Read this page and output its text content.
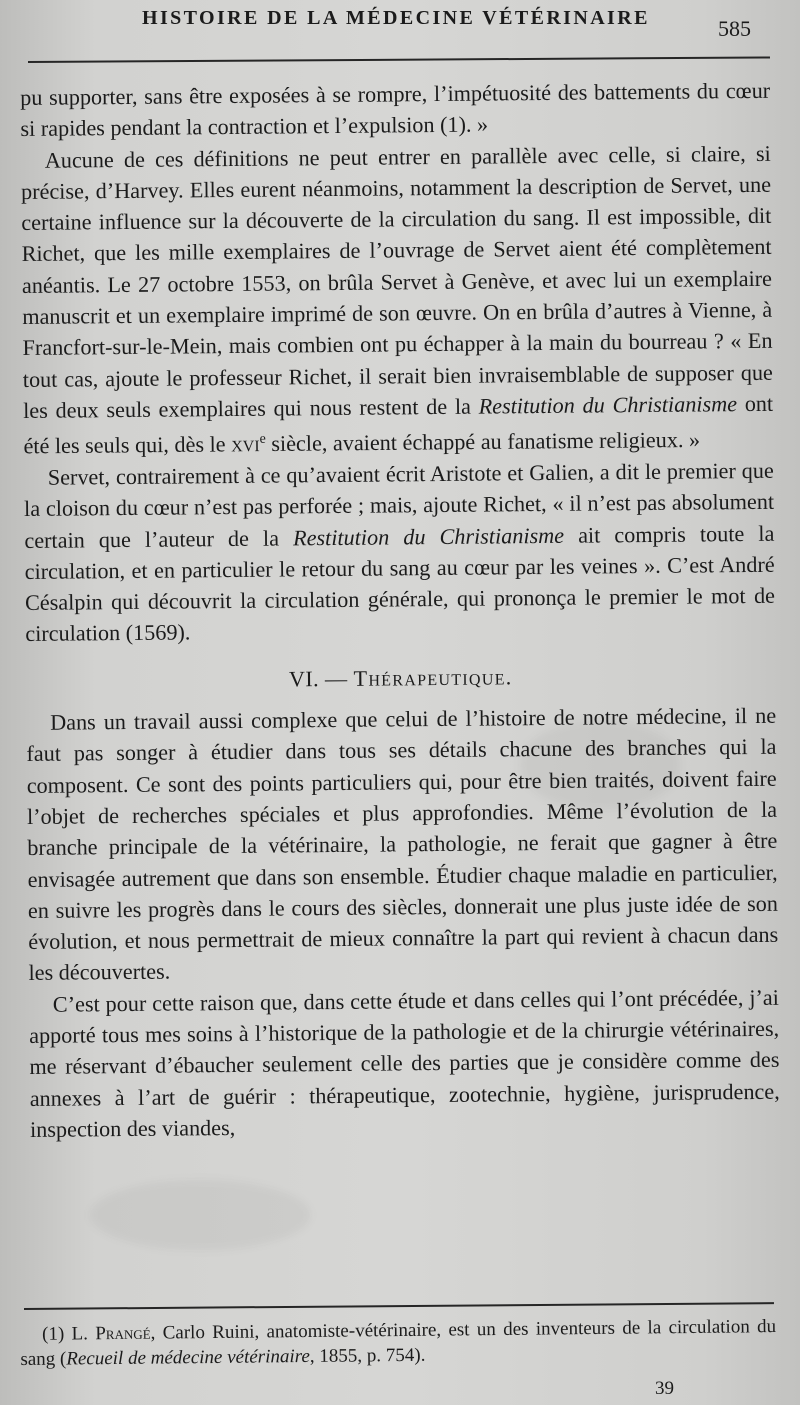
HISTOIRE DE LA MÉDECINE VÉTÉRINAIRE	585

pu supporter, sans être exposées à se rompre, l’impétuosité des battements du cœur si rapides pendant la contraction et l’expulsion (1). »

Aucune de ces définitions ne peut entrer en parallèle avec celle, si claire, si précise, d’Harvey. Elles eurent néanmoins, notamment la description de Servet, une certaine influence sur la découverte de la circulation du sang. Il est impossible, dit Richet, que les mille exemplaires de l’ouvrage de Servet aient été complètement anéantis. Le 27 octobre 1553, on brûla Servet à Genève, et avec lui un exemplaire manuscrit et un exemplaire imprimé de son œuvre. On en brûla d’autres à Vienne, à Francfort-sur-le-Mein, mais combien ont pu échapper à la main du bourreau ? « En tout cas, ajoute le professeur Richet, il serait bien invraisemblable de supposer que les deux seuls exemplaires qui nous restent de la Restitution du Christianisme ont été les seuls qui, dès le xvi$^e$ siècle, avaient échappé au fanatisme religieux. »

Servet, contrairement à ce qu’avaient écrit Aristote et Galien, a dit le premier que la cloison du cœur n’est pas perforée ; mais, ajoute Richet, « il n’est pas absolument certain que l’auteur de la Restitution du Christianisme ait compris toute la circulation, et en particulier le retour du sang au cœur par les veines ». C’est André Césalpin qui découvrit la circulation générale, qui prononça le premier le mot de circulation (1569).

VI. — Thérapeutique.

Dans un travail aussi complexe que celui de l’histoire de notre médecine, il ne faut pas songer à étudier dans tous ses détails chacune des branches qui la composent. Ce sont des points particuliers qui, pour être bien traités, doivent faire l’objet de recherches spéciales et plus approfondies. Même l’évolution de la branche principale de la vétérinaire, la pathologie, ne ferait que gagner à être envisagée autrement que dans son ensemble. Étudier chaque maladie en particulier, en suivre les progrès dans le cours des siècles, donnerait une plus juste idée de son évolution, et nous permettrait de mieux connaître la part qui revient à chacun dans les découvertes.

C’est pour cette raison que, dans cette étude et dans celles qui l’ont précédée, j’ai apporté tous mes soins à l’historique de la pathologie et de la chirurgie vétérinaires, me réservant d’ébaucher seulement celle des parties que je considère comme des annexes à l’art de guérir : thérapeutique, zootechnie, hygiène, jurisprudence, inspection des viandes,

(1) L. Prangé, Carlo Ruini, anatomiste-vétérinaire, est un des inventeurs de la circulation du sang (Recueil de médecine vétérinaire, 1855, p. 754).
39
